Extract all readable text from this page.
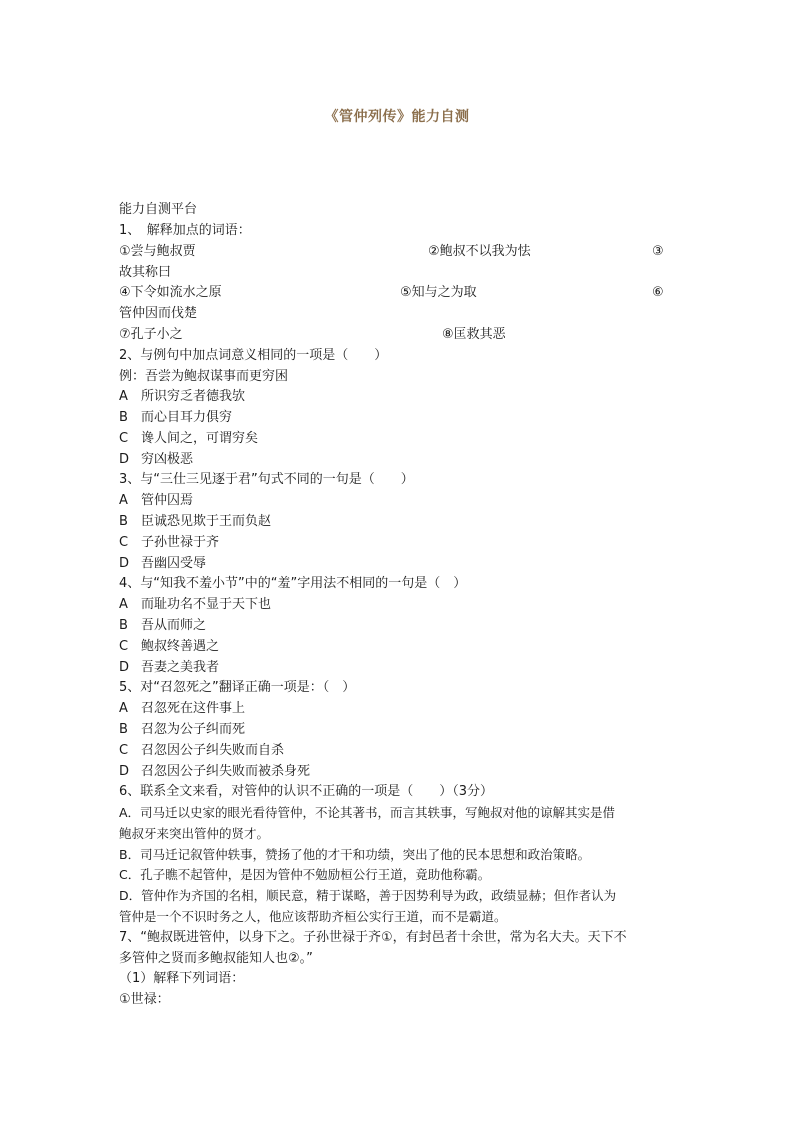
《管仲列传》能力自测
能力自测平台
1、　解释加点的词语：
①尝与鲍叔贾	②鲍叔不以我为怯	③
故其称曰
④下令如流水之原	⑤知与之为取	⑥
管仲因而伐楚
⑦孔子小之	⑧匡救其恶
2、与例句中加点词意义相同的一项是（　　）
例：吾尝为鲍叔谋事而更穷困
A 所识穷乏者德我欤
B 而心目耳力俱穷
C 谗人间之，可谓穷矣
D 穷凶极恶
3、与“三仕三见逐于君”句式不同的一句是（　　）
A 管仲囚焉
B 臣诚恐见欺于王而负赵
C 子孙世禄于齐
D 吾幽囚受辱
4、与“知我不羞小节”中的“羞”字用法不相同的一句是（　）
A 而耻功名不显于天下也
B 吾从而师之
C 鲍叔终善遇之
D 吾妻之美我者
5、对“召忽死之”翻译正确一项是：（　）
A 召忽死在这件事上
B 召忽为公子纠而死
C 召忽因公子纠失败而自杀
D 召忽因公子纠失败而被杀身死
6、联系全文来看，对管仲的认识不正确的一项是（　　）（3分）
A．司马迁以史家的眼光看待管仲，不论其著书，而言其轶事，写鲍叔对他的谅解其实是借
鲍叔牙来突出管仲的贤才。
B．司马迁记叙管仲轶事，赞扬了他的才干和功绩，突出了他的民本思想和政治策略。
C．孔子瞧不起管仲，是因为管仲不勉励桓公行王道，竟助他称霸。
D．管仲作为齐国的名相，顺民意，精于谋略，善于因势利导为政，政绩显赫；但作者认为
管仲是一个不识时务之人，他应该帮助齐桓公实行王道，而不是霸道。
7、“鲍叔既进管仲，以身下之。子孙世禄于齐①，有封邑者十余世，常为名大夫。天下不
多管仲之贤而多鲍叔能知人也②。”
（1）解释下列词语：
①世禄：
